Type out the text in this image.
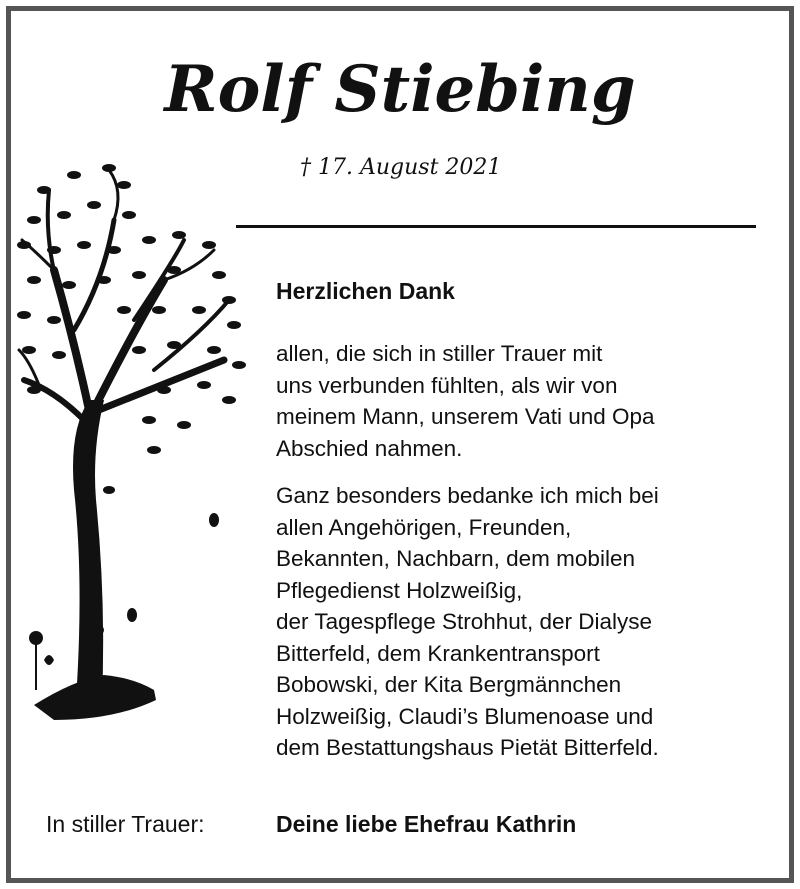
Rolf Stiebing
† 17. August 2021
Herzlichen Dank
allen, die sich in stiller Trauer mit
uns verbunden fühlten, als wir von
meinem Mann, unserem Vati und Opa
Abschied nahmen.
Ganz besonders bedanke ich mich bei
allen Angehörigen, Freunden,
Bekannten, Nachbarn, dem mobilen
Pflegedienst Holzweißig,
der Tagespflege Strohhut, der Dialyse
Bitterfeld, dem Krankentransport
Bobowski, der Kita Bergmännchen
Holzweißig, Claudi’s Blumenoase und
dem Bestattungshaus Pietät Bitterfeld.
In stiller Trauer:	Deine liebe Ehefrau Kathrin
